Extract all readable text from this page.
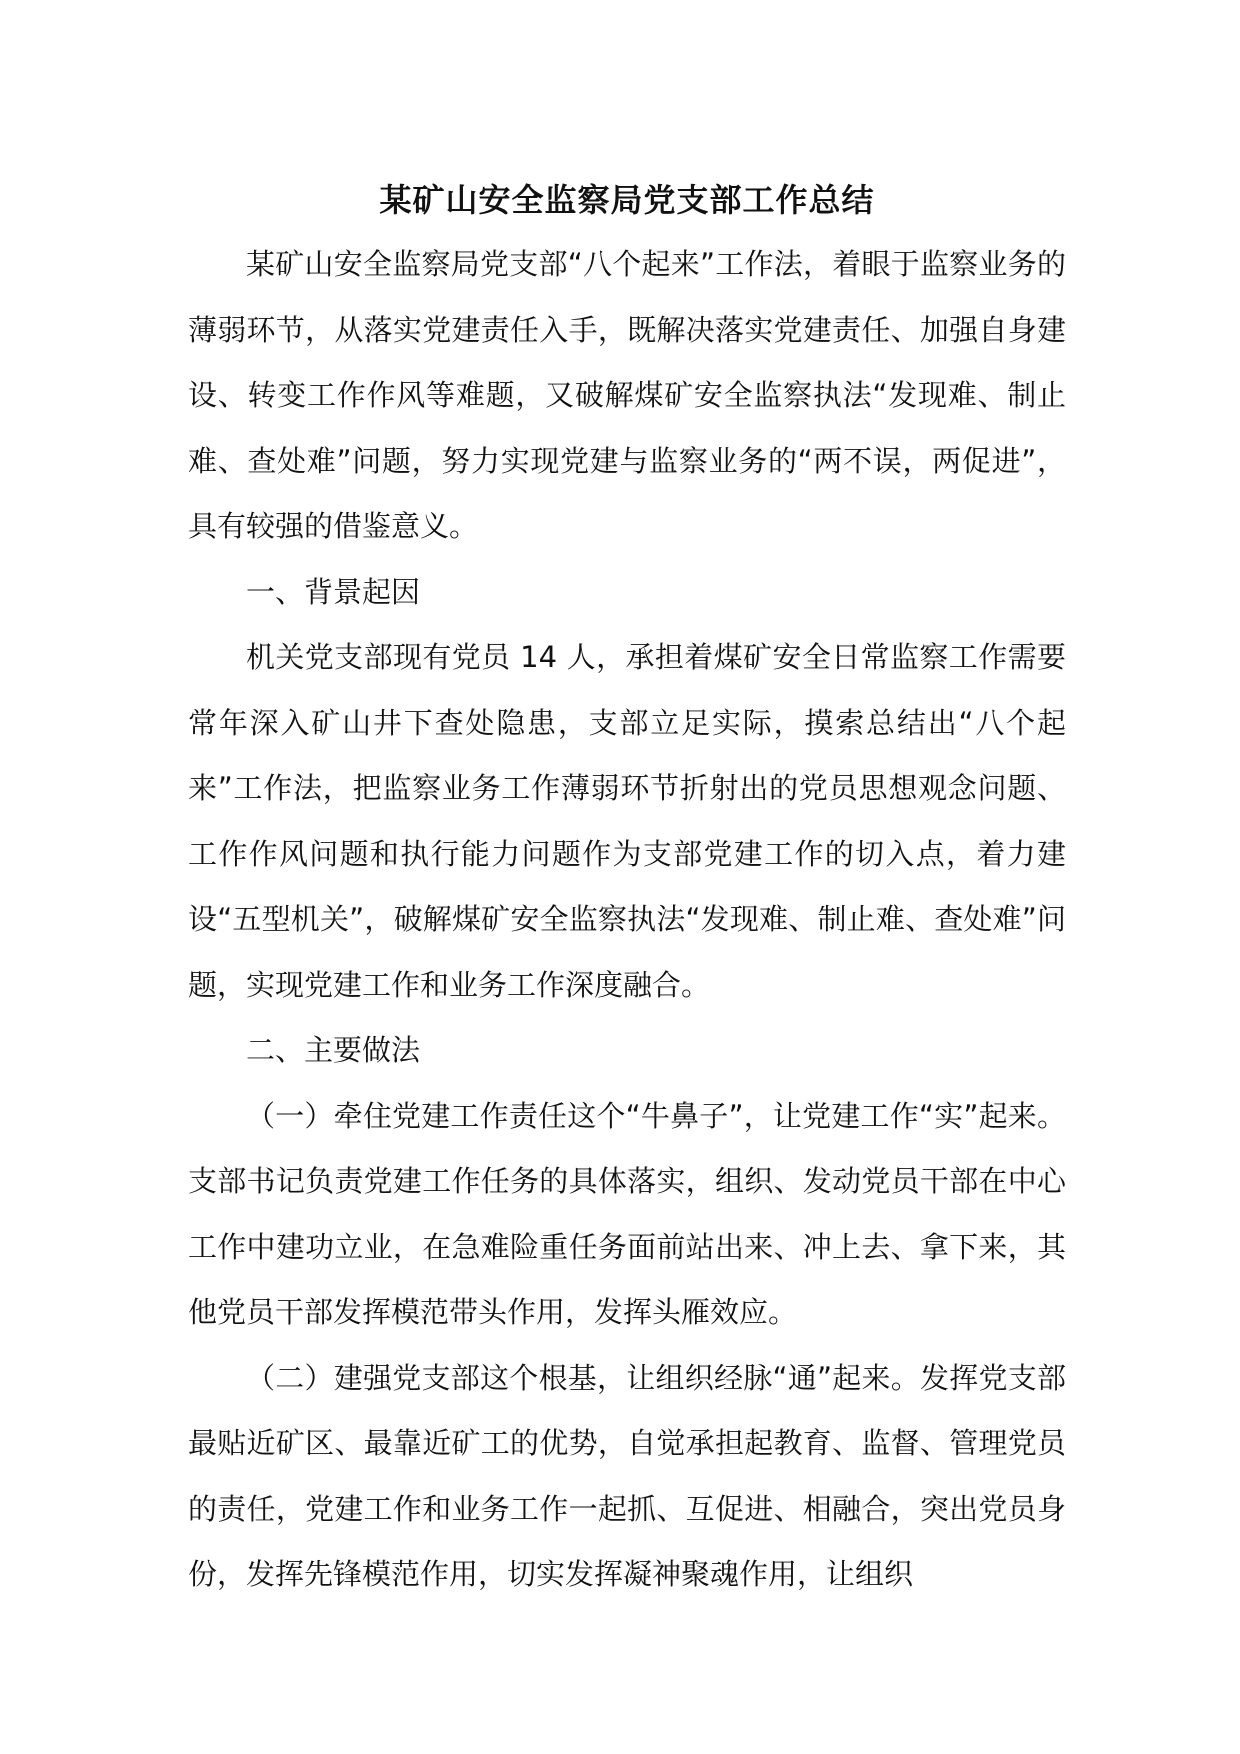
某矿山安全监察局党支部工作总结

某矿山安全监察局党支部“八个起来”工作法，着眼于监察业务的薄弱环节，从落实党建责任入手，既解决落实党建责任、加强自身建设、转变工作作风等难题，又破解煤矿安全监察执法“发现难、制止难、查处难”问题，努力实现党建与监察业务的“两不误，两促进”，具有较强的借鉴意义。

一、背景起因

机关党支部现有党员 14 人，承担着煤矿安全日常监察工作需要常年深入矿山井下查处隐患，支部立足实际，摸索总结出“八个起来”工作法，把监察业务工作薄弱环节折射出的党员思想观念问题、工作作风问题和执行能力问题作为支部党建工作的切入点，着力建设“五型机关”，破解煤矿安全监察执法“发现难、制止难、查处难”问题，实现党建工作和业务工作深度融合。

二、主要做法

（一）牵住党建工作责任这个“牛鼻子”，让党建工作“实”起来。支部书记负责党建工作任务的具体落实，组织、发动党员干部在中心工作中建功立业，在急难险重任务面前站出来、冲上去、拿下来，其他党员干部发挥模范带头作用，发挥头雁效应。

（二）建强党支部这个根基，让组织经脉“通”起来。发挥党支部最贴近矿区、最靠近矿工的优势，自觉承担起教育、监督、管理党员的责任，党建工作和业务工作一起抓、互促进、相融合，突出党员身份，发挥先锋模范作用，切实发挥凝神聚魂作用，让组织
